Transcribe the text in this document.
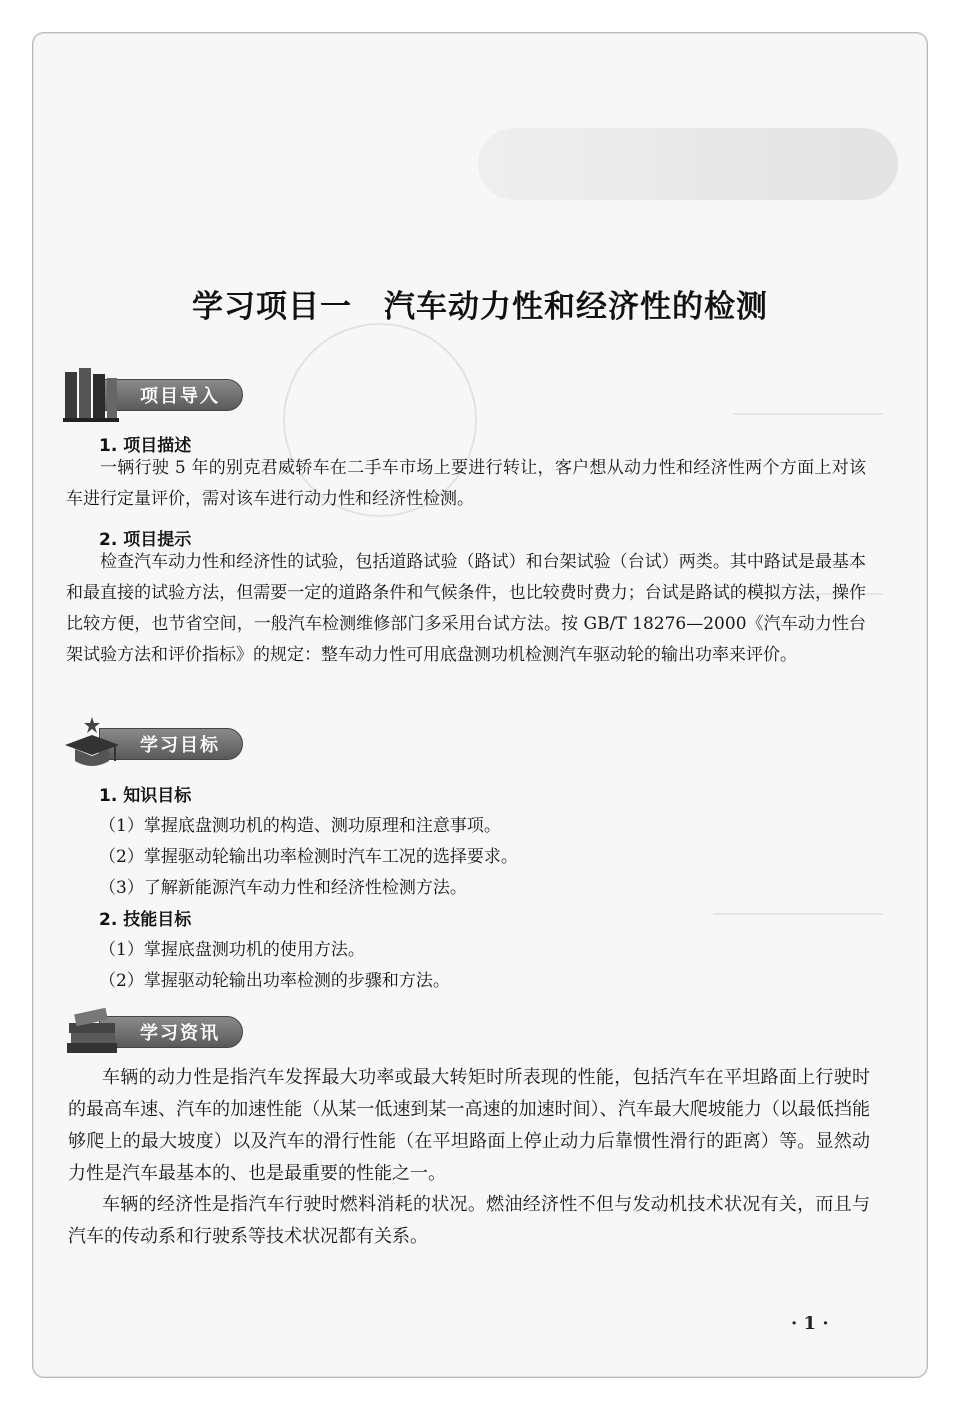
学习项目一 汽车动力性和经济性的检测
项目导入
1. 项目描述
一辆行驶 5 年的别克君威轿车在二手车市场上要进行转让，客户想从动力性和经济性两个方面上对该车进行定量评价，需对该车进行动力性和经济性检测。
2. 项目提示
检查汽车动力性和经济性的试验，包括道路试验（路试）和台架试验（台试）两类。其中路试是最基本和最直接的试验方法，但需要一定的道路条件和气候条件，也比较费时费力；台试是路试的模拟方法，操作比较方便，也节省空间，一般汽车检测维修部门多采用台试方法。按 GB/T 18276—2000《汽车动力性台架试验方法和评价指标》的规定：整车动力性可用底盘测功机检测汽车驱动轮的输出功率来评价。
学习目标
1. 知识目标
（1）掌握底盘测功机的构造、测功原理和注意事项。
（2）掌握驱动轮输出功率检测时汽车工况的选择要求。
（3）了解新能源汽车动力性和经济性检测方法。
2. 技能目标
（1）掌握底盘测功机的使用方法。
（2）掌握驱动轮输出功率检测的步骤和方法。
学习资讯
车辆的动力性是指汽车发挥最大功率或最大转矩时所表现的性能，包括汽车在平坦路面上行驶时的最高车速、汽车的加速性能（从某一低速到某一高速的加速时间）、汽车最大爬坡能力（以最低挡能够爬上的最大坡度）以及汽车的滑行性能（在平坦路面上停止动力后靠惯性滑行的距离）等。显然动力性是汽车最基本的、也是最重要的性能之一。
车辆的经济性是指汽车行驶时燃料消耗的状况。燃油经济性不但与发动机技术状况有关，而且与汽车的传动系和行驶系等技术状况都有关系。
· 1 ·
